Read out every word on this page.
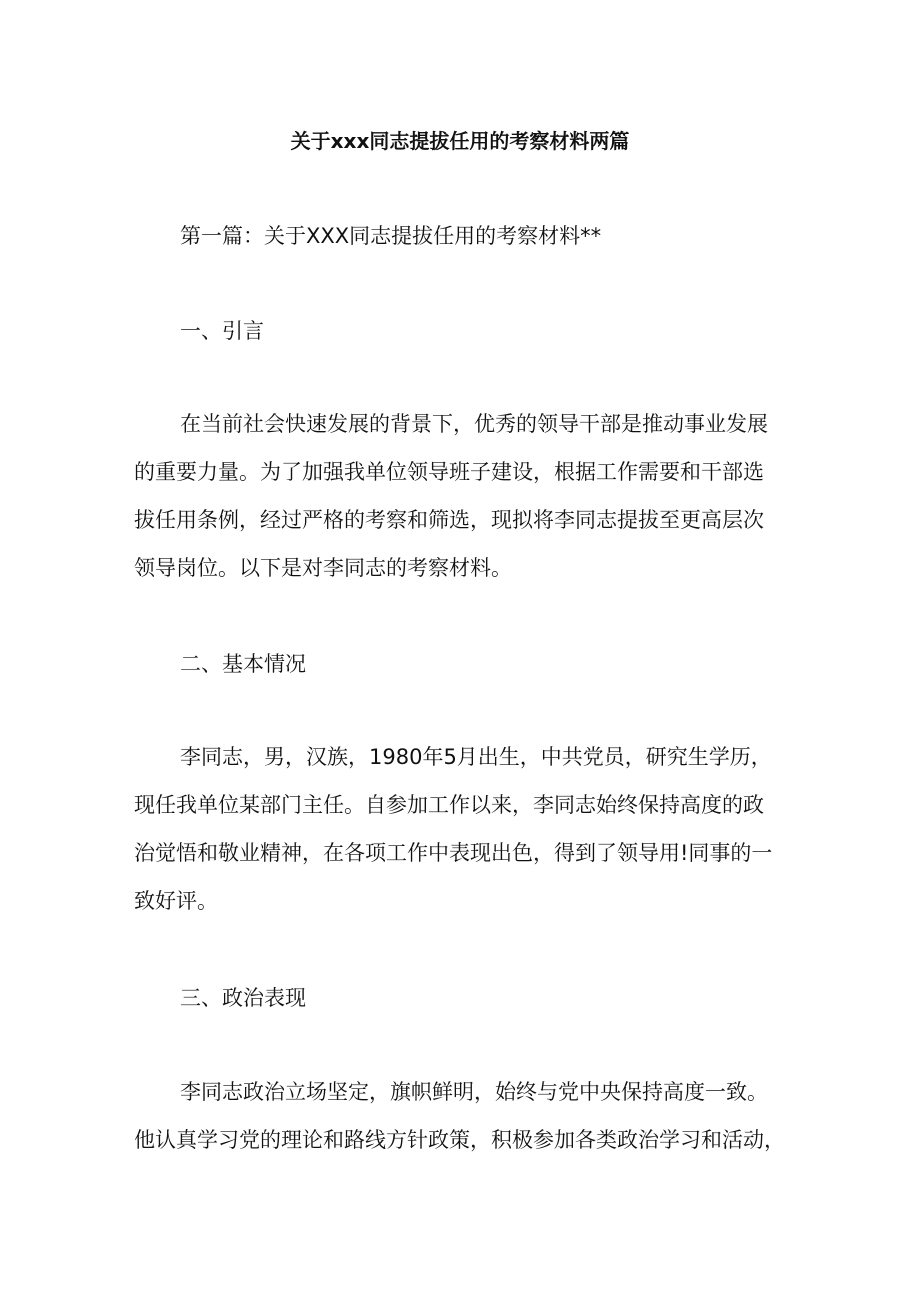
关于xxx同志提拔任用的考察材料两篇

第一篇：关于XXX同志提拔任用的考察材料**

一、引言

在当前社会快速发展的背景下，优秀的领导干部是推动事业发展
的重要力量。为了加强我单位领导班子建设，根据工作需要和干部选
拔任用条例，经过严格的考察和筛选，现拟将李同志提拔至更高层次
领导岗位。以下是对李同志的考察材料。

二、基本情况

李同志，男，汉族，1980年5月出生，中共党员，研究生学历，
现任我单位某部门主任。自参加工作以来，李同志始终保持高度的政
治觉悟和敬业精神，在各项工作中表现出色，得到了领导用!同事的一
致好评。

三、政治表现

李同志政治立场坚定，旗帜鲜明，始终与党中央保持高度一致。
他认真学习党的理论和路线方针政策，积极参加各类政治学习和活动，
